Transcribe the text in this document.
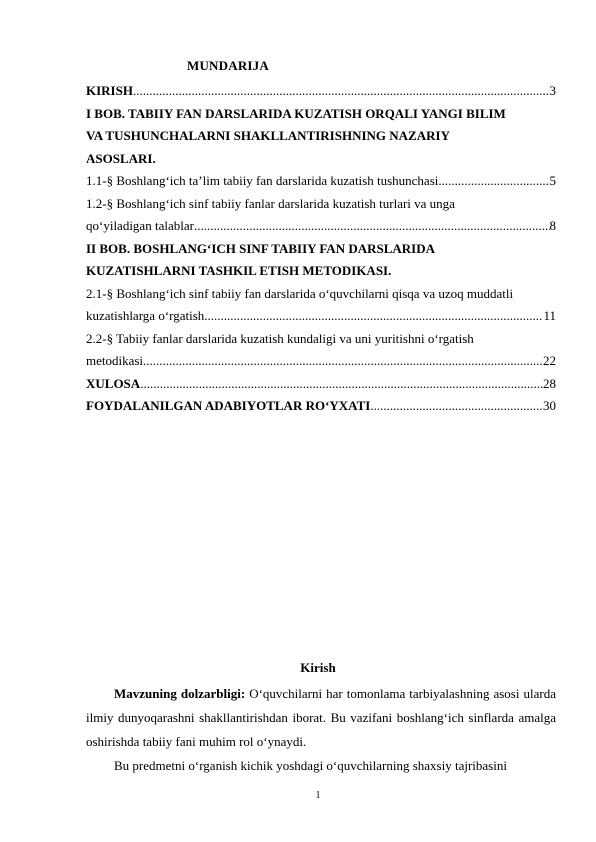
MUNDARIJA
KIRISH .....	3
I BOB. TABIIY FAN DARSLARIDA KUZATISH ORQALI YANGI BILIM
VA TUSHUNCHALARNI SHAKLLANTIRISHNING NAZARIY
ASOSLARI.
1.1-§ Boshlang‘ich ta’lim tabiiy fan darslarida kuzatish tushunchasi .....	5
1.2-§ Boshlang‘ich sinf tabiiy fanlar darslarida kuzatish turlari va unga
qo‘yiladigan talablar .....	8
II BOB. BOSHLANG‘ICH SINF TABIIY FAN DARSLARIDA
KUZATISHLARNI TASHKIL ETISH METODIKASI.
2.1-§ Boshlang‘ich sinf tabiiy fan darslarida o‘quvchilarni qisqa va uzoq muddatli
kuzatishlarga o‘rgatish .....	11
2.2-§ Tabiiy fanlar darslarida kuzatish kundaligi va uni yuritishni o‘rgatish
metodikasi .....	22
XULOSA .....	28
FOYDALANILGAN ADABIYOTLAR RO‘YXATI .....	30
Kirish

Mavzuning dolzarbligi: O‘quvchilarni har tomonlama tarbiyalashning asosi ularda ilmiy dunyoqarashni shakllantirishdan iborat. Bu vazifani boshlang‘ich sinflarda amalga oshirishda tabiiy fani muhim rol o‘ynaydi.

Bu predmetni o‘rganish kichik yoshdagi o‘quvchilarning shaxsiy tajribasini

1
